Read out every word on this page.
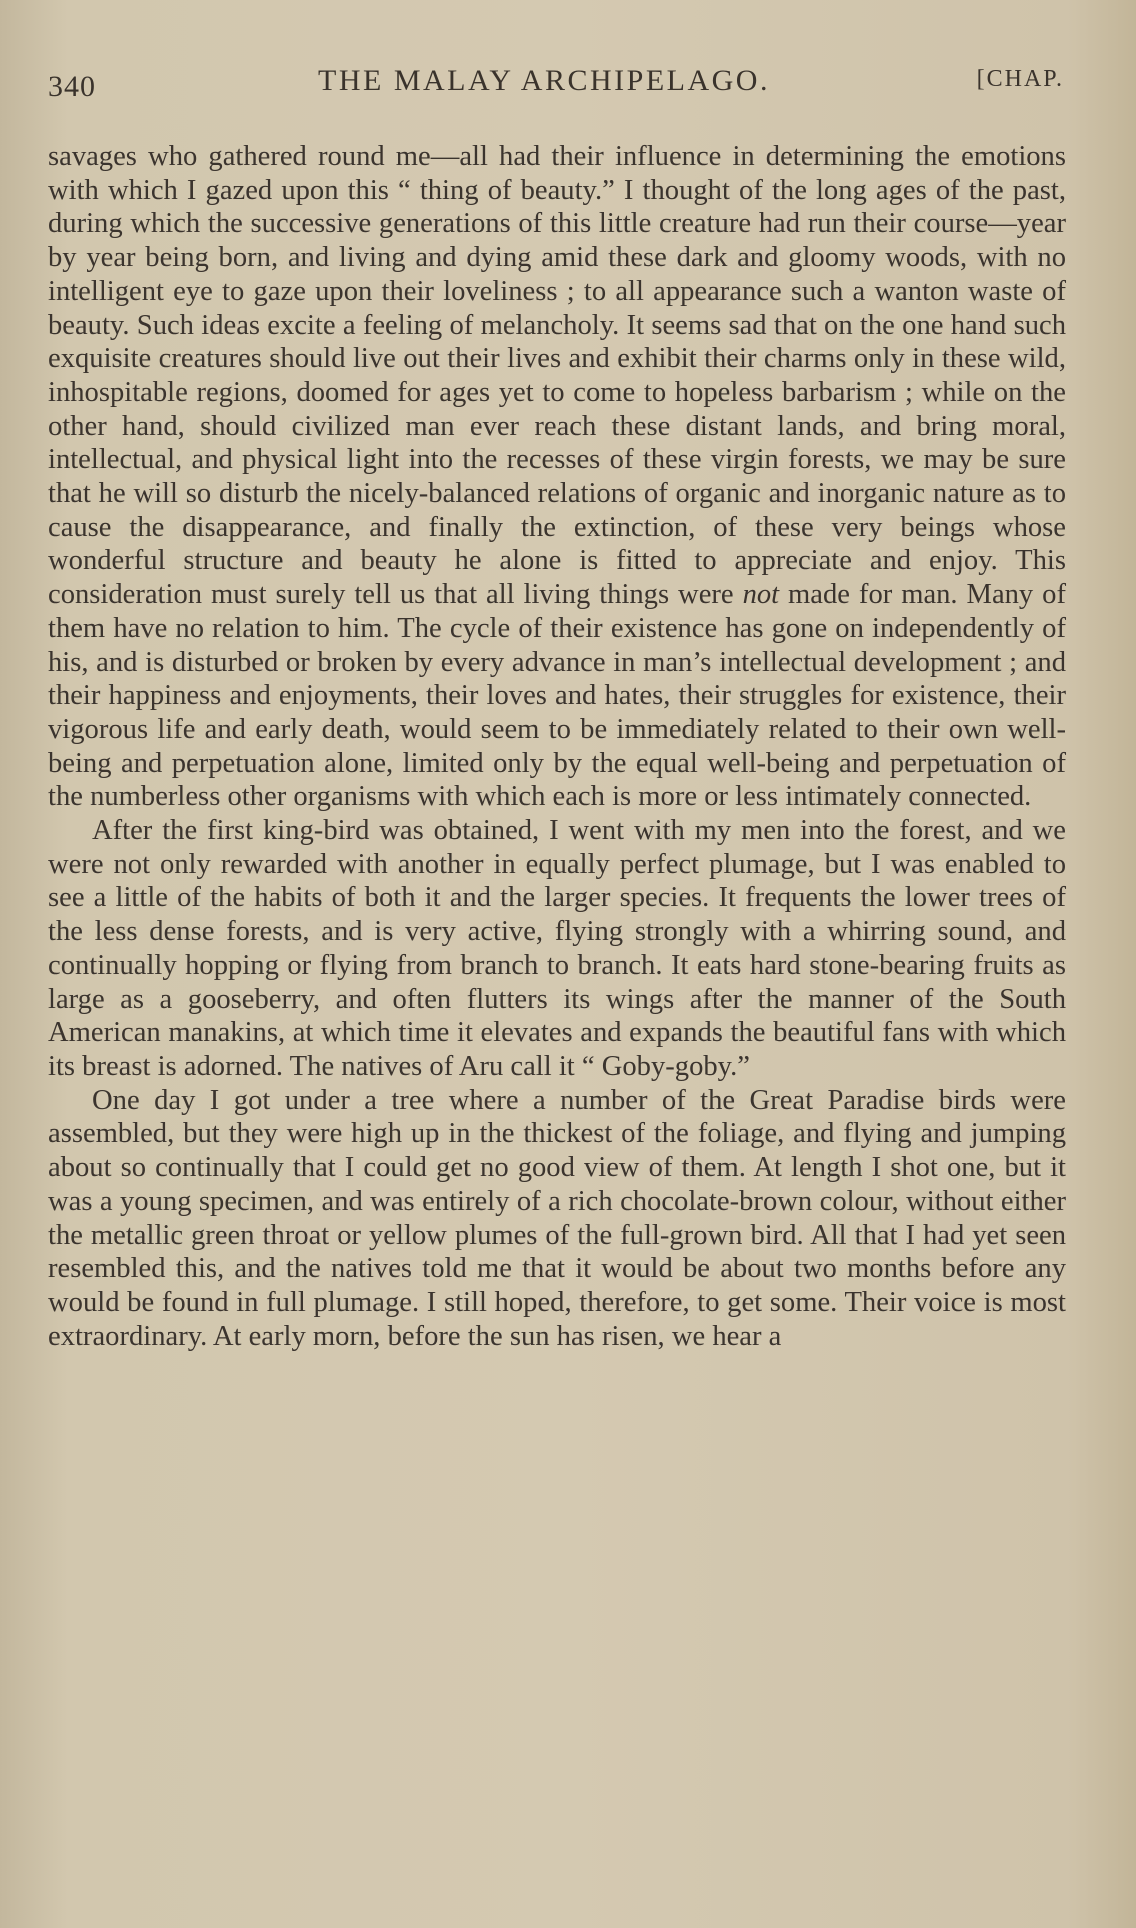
340	THE MALAY ARCHIPELAGO.	[CHAP.

savages who gathered round me—all had their influence in determining the emotions with which I gazed upon this “ thing of beauty.” I thought of the long ages of the past, during which the successive generations of this little creature had run their course—year by year being born, and living and dying amid these dark and gloomy woods, with no intelligent eye to gaze upon their loveliness ; to all appearance such a wanton waste of beauty. Such ideas excite a feeling of melancholy. It seems sad that on the one hand such exquisite creatures should live out their lives and exhibit their charms only in these wild, inhospitable regions, doomed for ages yet to come to hopeless barbarism ; while on the other hand, should civilized man ever reach these distant lands, and bring moral, intellectual, and physical light into the recesses of these virgin forests, we may be sure that he will so disturb the nicely-balanced relations of organic and inorganic nature as to cause the disappearance, and finally the extinction, of these very beings whose wonderful structure and beauty he alone is fitted to appreciate and enjoy. This consideration must surely tell us that all living things were not made for man. Many of them have no relation to him. The cycle of their existence has gone on independently of his, and is disturbed or broken by every advance in man’s intellectual development ; and their happiness and enjoyments, their loves and hates, their struggles for existence, their vigorous life and early death, would seem to be immediately related to their own well-being and perpetuation alone, limited only by the equal well-being and perpetuation of the numberless other organisms with which each is more or less intimately connected.

After the first king-bird was obtained, I went with my men into the forest, and we were not only rewarded with another in equally perfect plumage, but I was enabled to see a little of the habits of both it and the larger species. It frequents the lower trees of the less dense forests, and is very active, flying strongly with a whirring sound, and continually hopping or flying from branch to branch. It eats hard stone-bearing fruits as large as a gooseberry, and often flutters its wings after the manner of the South American manakins, at which time it elevates and expands the beautiful fans with which its breast is adorned. The natives of Aru call it “ Goby-goby.”

One day I got under a tree where a number of the Great Paradise birds were assembled, but they were high up in the thickest of the foliage, and flying and jumping about so continually that I could get no good view of them. At length I shot one, but it was a young specimen, and was entirely of a rich chocolate-brown colour, without either the metallic green throat or yellow plumes of the full-grown bird. All that I had yet seen resembled this, and the natives told me that it would be about two months before any would be found in full plumage. I still hoped, therefore, to get some. Their voice is most extraordinary. At early morn, before the sun has risen, we hear a
